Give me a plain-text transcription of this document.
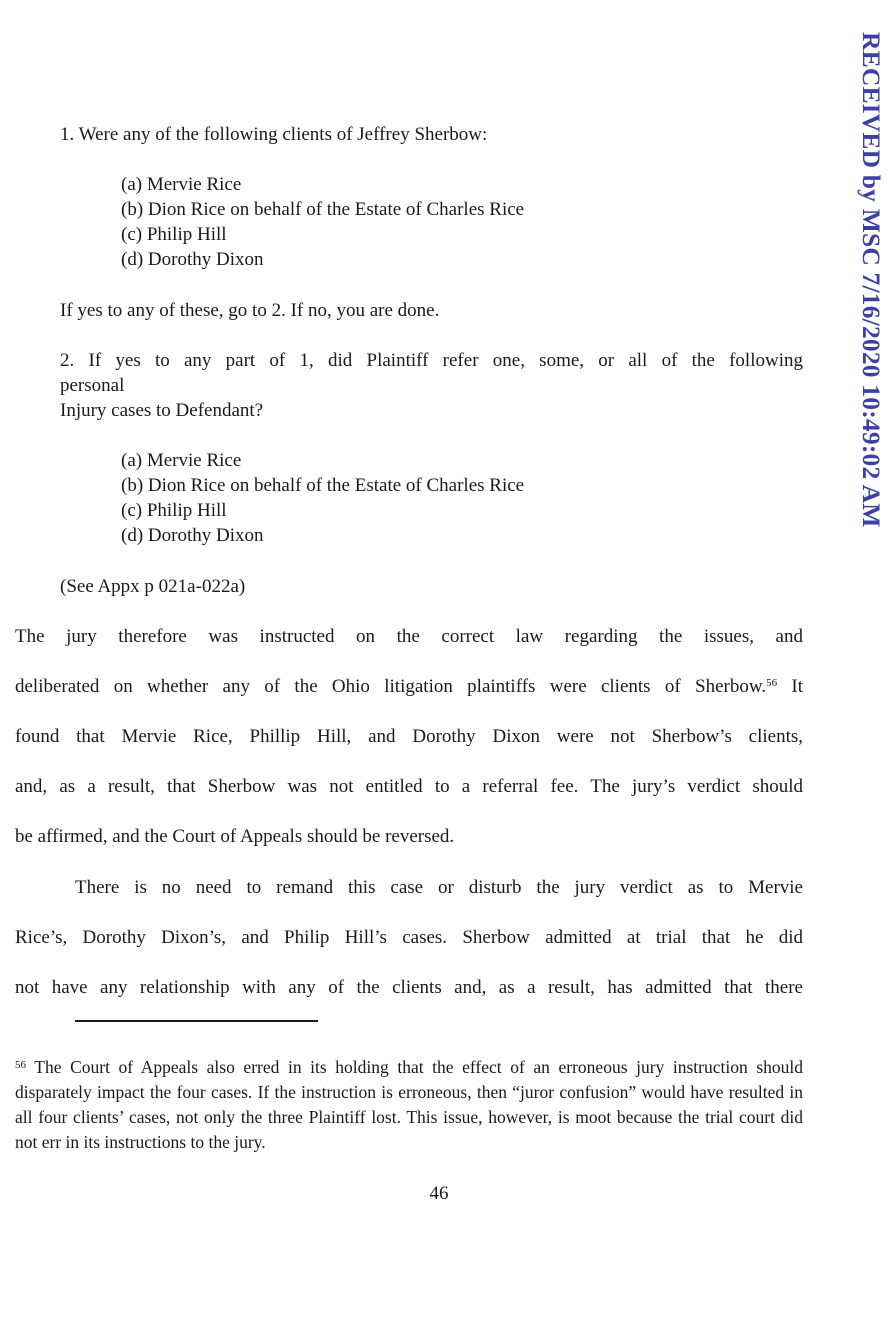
RECEIVED by MSC 7/16/2020 10:49:02 AM

1. Were any of the following clients of Jeffrey Sherbow:

(a) Mervie Rice
(b) Dion Rice on behalf of the Estate of Charles Rice
(c) Philip Hill
(d) Dorothy Dixon

If yes to any of these, go to 2. If no, you are done.

2. If yes to any part of 1, did Plaintiff refer one, some, or all of the following

personal

Injury cases to Defendant?

(a) Mervie Rice
(b) Dion Rice on behalf of the Estate of Charles Rice
(c) Philip Hill
(d) Dorothy Dixon

(See Appx p 021a-022a)

The jury therefore was instructed on the correct law regarding the issues, and

deliberated on whether any of the Ohio litigation plaintiffs were clients of Sherbow.$^{56}$ It

found that Mervie Rice, Phillip Hill, and Dorothy Dixon were not Sherbow’s clients,

and, as a result, that Sherbow was not entitled to a referral fee. The jury’s verdict should

be affirmed, and the Court of Appeals should be reversed.

There is no need to remand this case or disturb the jury verdict as to Mervie

Rice’s, Dorothy Dixon’s, and Philip Hill’s cases. Sherbow admitted at trial that he did

not have any relationship with any of the clients and, as a result, has admitted that there

$^{56}$ The Court of Appeals also erred in its holding that the effect of an erroneous jury instruction should disparately impact the four cases. If the instruction is erroneous, then “juror confusion” would have resulted in all four clients’ cases, not only the three Plaintiff lost. This issue, however, is moot because the trial court did not err in its instructions to the jury.

46
